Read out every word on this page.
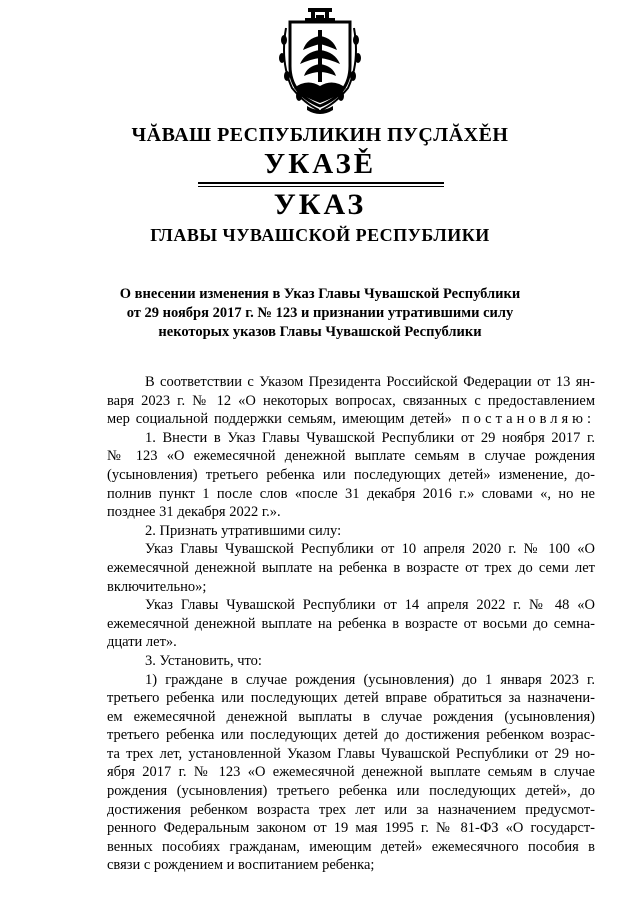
ЧĂВАШ РЕСПУБЛИКИН ПУҪЛĂХĚН
УКАЗĚ
УКАЗ
ГЛАВЫ ЧУВАШСКОЙ РЕСПУБЛИКИ
О внесении изменения в Указ Главы Чувашской Республики
от 29 ноября 2017 г. № 123 и признании утратившими силу
некоторых указов Главы Чувашской Республики
В соответствии с Указом Президента Российской Федерации от 13 ян-
варя 2023 г. № 12 «О некоторых вопросах, связанных с предоставлением
мер социальной поддержки семьям, имеющим детей» постановляю:
1. Внести в Указ Главы Чувашской Республики от 29 ноября 2017 г.
№ 123 «О ежемесячной денежной выплате семьям в случае рождения
(усыновления) третьего ребенка или последующих детей» изменение, до-
полнив пункт 1 после слов «после 31 декабря 2016 г.» словами «, но не
позднее 31 декабря 2022 г.».
2. Признать утратившими силу:
Указ Главы Чувашской Республики от 10 апреля 2020 г. № 100 «О
ежемесячной денежной выплате на ребенка в возрасте от трех до семи лет
включительно»;
Указ Главы Чувашской Республики от 14 апреля 2022 г. № 48 «О
ежемесячной денежной выплате на ребенка в возрасте от восьми до семна-
дцати лет».
3. Установить, что:
1) граждане в случае рождения (усыновления) до 1 января 2023 г.
третьего ребенка или последующих детей вправе обратиться за назначени-
ем ежемесячной денежной выплаты в случае рождения (усыновления)
третьего ребенка или последующих детей до достижения ребенком возрас-
та трех лет, установленной Указом Главы Чувашской Республики от 29 но-
ября 2017 г. № 123 «О ежемесячной денежной выплате семьям в случае
рождения (усыновления) третьего ребенка или последующих детей», до
достижения ребенком возраста трех лет или за назначением предусмот-
ренного Федеральным законом от 19 мая 1995 г. № 81-ФЗ «О государст-
венных пособиях гражданам, имеющим детей» ежемесячного пособия в
связи с рождением и воспитанием ребенка;
